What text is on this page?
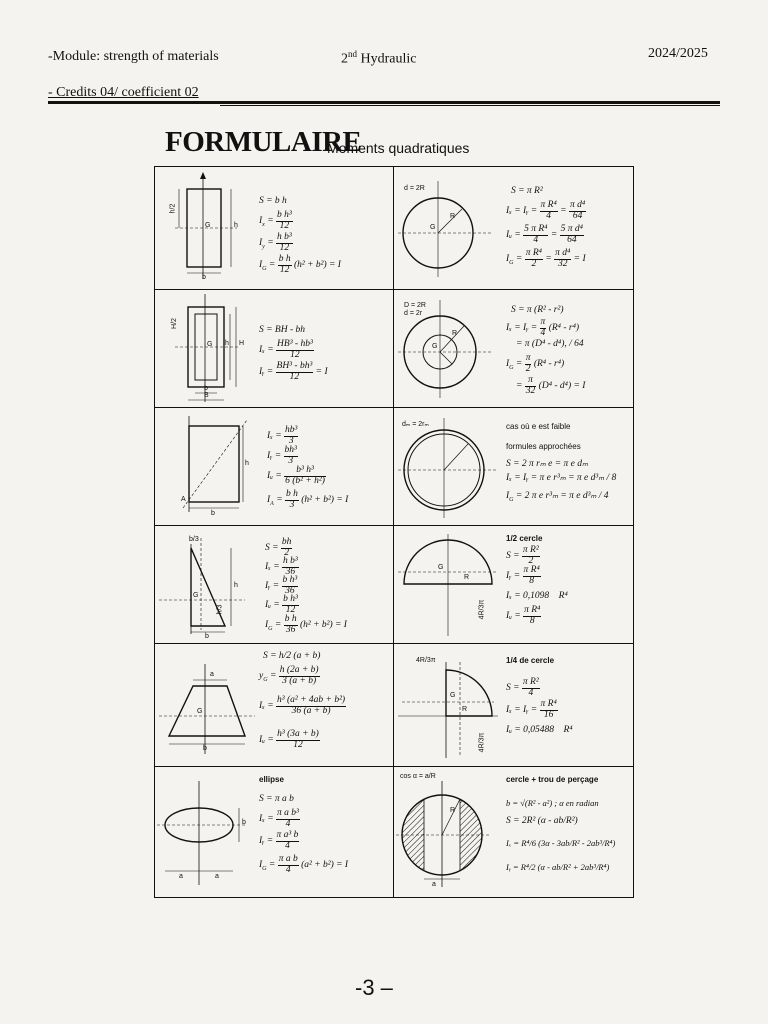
-Module: strength of materials	2nd Hydraulic	2024/2025
- Credits 04/ coefficient 02
FORMULAIRE
Moments quadratiques
h/2
G	h
b
S = b h
$I_x = \frac{\text{b h³}}{12}$
$I_y = \frac{\text{h b³}}{12}$
$I_G = \frac{\text{b h}}{12} (h^2 + b^2) = I$
d = 2R
R
G
S = π R²
Iₓ = Iᵧ = $\frac{\text{π R⁴}}{4} = \frac{\text{π d⁴}}{64}$
Iᵤ = $\frac{\text{5 π R⁴}}{4} = \frac{\text{5 π d⁴}}{64}$
$I_G = \frac{\text{π R⁴}}{2} = \frac{\text{π d⁴}}{32} = I$
H/2
G h H
b
B
S = BH - bh
$I_x = \frac{\text{HB³ - hb³}}{12}$
Iᵧ = $\frac{\text{BH³ - bh³}}{12} = I$
D = 2R
d = 2r
R
G
S = π (R² - r²)
Iₓ = Iᵧ = $\frac{\pi}{4} (R^4 - r^4)$
= π (D⁴ - d⁴), / 64
$I_G = \frac{\pi}{2} (R^4 - r^4)$
= $\frac{\pi}{32} (D^4 - d^4) = I$
A
h
b
$I_x = \frac{\text{hb³}}{3}$
Iᵧ = $\frac{\text{bh³}}{3}$
Iᵤ = $\frac{\text{b³ h³}}{\text{6 (b² + h²)}}$
$I_A = \frac{\text{b h}}{3} (h^2 + b^2) = I$
dₘ = 2rₘ	cas où e est faible
formules approchées
S = 2 π rₘ e = π e dₘ
Iₓ = Iᵧ = π e r³ₘ = π e d³ₘ / 8
$I_G = 2$ π e r³ₘ = π e d³ₘ / 4
b/3
G
h
h/3
b
$S = \frac{bh}{2}$
$I_x = \frac{\text{h b³}}{36}$
Iᵧ = $\frac{\text{b h³}}{36}$
Iᵤ = $\frac{\text{b h³}}{12}$
$I_G = \frac{\text{b h}}{36} (h^2 + b^2) = I$
G
R
4R/3π
1/2 cercle
$S = \frac{\text{π R²}}{2}$
Iᵧ = $\frac{\text{π R⁴}}{8}$
Iₓ = 0,1098 R⁴
Iᵤ = $\frac{\text{π R⁴}}{8}$
a
G
b
S = h/2 (a + b)
$y_G = \frac{h (2a + b)}{3 (a + b)}$
$I_x = \frac{\text{h³ (a² + 4ab + b²)}}{36 (a + b)}$
Iᵤ = $\frac{\text{h³ (3a + b)}}{12}$
4R/3π
G
R
4R/3π
1/4 de cercle
$S = \frac{\text{π R²}}{4}$
Iₓ = Iᵧ = $\frac{\text{π R⁴}}{16}$
Iᵤ = 0,05488 R⁴
b
a	a
ellipse
S = π a b
$I_x = \frac{\text{π a b³}}{4}$
Iᵧ = $\frac{\text{π a³ b}}{4}$
$I_G = \frac{\text{π a b}}{4} (a^2 + b^2) = I$
cos α = a/R
R
a
cercle + trou de perçage
b = √(R² - a²) ; α en radian
S = 2R² (α - ab/R²)
Iₓ = R⁴/6 (3α - 3ab/R² - 2ab³/R⁴)
Iᵧ = R⁴/2 (α - ab/R² + 2ab³/R⁴)
-3 –
